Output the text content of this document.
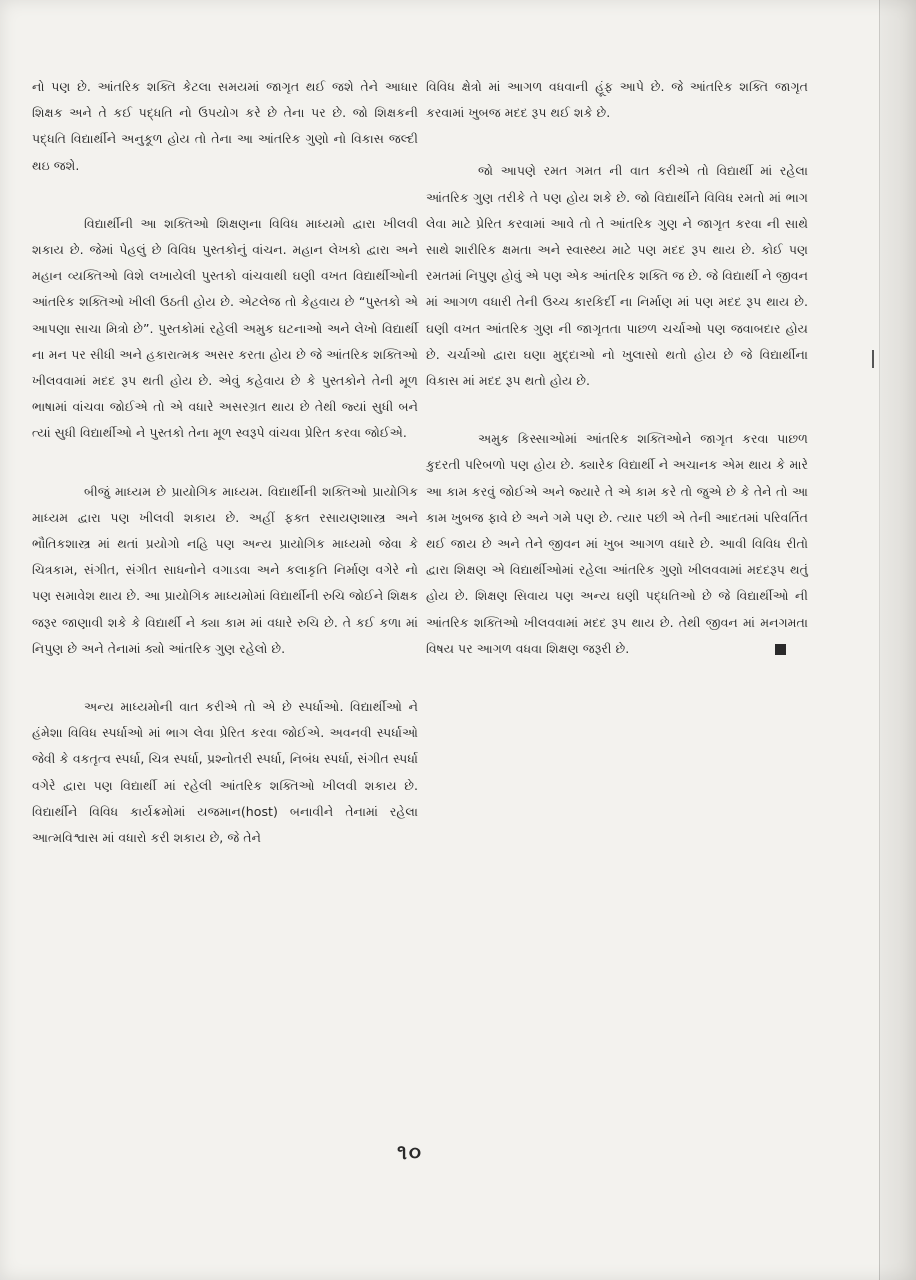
નો પણ છે. આંતરિક શક્તિ કેટલા સમયમાં જાગૃત થઈ જશે તેને આધાર શિક્ષક અને તે કઈ પદ્ધતિ નો ઉપયોગ કરે છે તેના પર છે. જો શિક્ષકની પદ્ધતિ વિદ્યાર્થીને અનુકૂળ હોય તો તેના આ આંતરિક ગુણો નો વિકાસ જલ્દી થઇ જશે.

વિદ્યાર્થીની આ શક્તિઓ શિક્ષણના વિવિધ માધ્યમો દ્વારા ખીલવી શકાય છે. જેમાં પેહલું છે વિવિધ પુસ્તકોનું વાંચન. મહાન લેખકો દ્વારા અને મહાન વ્યક્તિઓ વિશે લખાયેલી પુસ્તકો વાંચવાથી ઘણી વખત વિદ્યાર્થીઓની આંતરિક શક્તિઓ ખીલી ઉઠતી હોય છે. એટલેજ તો કેહવાય છે “પુસ્તકો એ આપણા સાચા મિત્રો છે”. પુસ્તકોમાં રહેલી અમુક ઘટનાઓ અને લેખો વિદ્યાર્થી ના મન પર સીધી અને હકારાત્મક અસર કરતા હોય છે જે આંતરિક શક્તિઓ ખીલવવામાં મદદ રૂપ થતી હોય છે. એવું કહેવાય છે કે પુસ્તકોને તેની મૂળ ભાષામાં વાંચવા જોઈએ તો એ વધારે અસરગ્રત થાય છે તેથી જ્યાં સુધી બને ત્યાં સુધી વિદ્યાર્થીઓ ને પુસ્તકો તેના મૂળ સ્વરૂપે વાંચવા પ્રેરિત કરવા જોઈએ.

બીજું માધ્યમ છે પ્રાયોગિક માધ્યમ. વિદ્યાર્થીની શક્તિઓ પ્રાયોગિક માધ્યમ દ્વારા પણ ખીલવી શકાય છે. અહીં ફક્ત રસાયણશાસ્ત્ર અને ભૌતિકશાસ્ત્ર માં થતાં પ્રયોગો નહિ પણ અન્ય પ્રાયોગિક માધ્યમો જેવા કે ચિત્રકામ, સંગીત, સંગીત સાધનોને વગાડવા અને કલાકૃતિ નિર્માણ વગેરે નો પણ સમાવેશ થાય છે. આ પ્રાયોગિક માધ્યમોમાં વિદ્યાર્થીની રુચિ જોઈને શિક્ષક જરૂર જાણાવી શકે કે વિદ્યાર્થી ને ક્યા કામ માં વધારે રુચિ છે. તે કઈ કળા માં નિપુણ છે અને તેનામાં ક્યો આંતરિક ગુણ રહેલો છે.

અન્ય માધ્યમોની વાત કરીએ તો એ છે સ્પર્ધાઓ. વિદ્યાર્થીઓ ને હંમેશા વિવિધ સ્પર્ધાઓ માં ભાગ લેવા પ્રેરિત કરવા જોઈએ. અવનવી સ્પર્ધાઓ જેવી કે વકતૃત્વ સ્પર્ધા, ચિત્ર સ્પર્ધા, પ્રશ્નોતરી સ્પર્ધા, નિબંધ સ્પર્ધા, સંગીત સ્પર્ધા વગેરે દ્વારા પણ વિદ્યાર્થી માં રહેલી આંતરિક શક્તિઓ ખીલવી શકાય છે. વિદ્યાર્થીને વિવિધ કાર્યક્રમોમાં યજમાન(host) બનાવીને તેનામાં રહેલા આત્મવિશ્વાસ માં વધારો કરી શકાય છે, જે તેને

વિવિધ ક્ષેત્રો માં આગળ વધવાની હૂંફ આપે છે. જે આંતરિક શક્તિ જાગૃત કરવામાં ખુબજ મદદ રૂપ થઈ શકે છે.

જો આપણે રમત ગમત ની વાત કરીએ તો વિદ્યાર્થી માં રહેલા આંતરિક ગુણ તરીકે તે પણ હોય શકે છે. જો વિદ્યાર્થીને વિવિધ રમતો માં ભાગ લેવા માટે પ્રેરિત કરવામાં આવે તો તે આંતરિક ગુણ ને જાગૃત કરવા ની સાથે સાથે શારીરિક ક્ષમતા અને સ્વાસ્થ્ય માટે પણ મદદ રૂપ થાય છે. કોઈ પણ રમતમાં નિપુણ હોવું એ પણ એક આંતરિક શક્તિ જ છે. જે વિદ્યાર્થી ને જીવન માં આગળ વધારી તેની ઉચ્ચ કારકિર્દી ના નિર્માણ માં પણ મદદ રૂપ થાય છે. ઘણી વખત આંતરિક ગુણ ની જાગૃતતા પાછળ ચર્ચાઓ પણ જવાબદાર હોય છે. ચર્ચાઓ દ્વારા ઘણા મુદ્દાઓ નો ખુલાસો થતો હોય છે જે વિદ્યાર્થીના વિકાસ માં મદદ રૂપ થતો હોય છે.

અમુક કિસ્સાઓમાં આંતરિક શક્તિઓને જાગૃત કરવા પાછળ કુદરતી પરિબળો પણ હોય છે. ક્યારેક વિદ્યાર્થી ને અચાનક એમ થાય કે મારે આ કામ કરવું જોઈએ અને જ્યારે તે એ કામ કરે તો જુએ છે કે તેને તો આ કામ ખુબજ ફાવે છે અને ગમે પણ છે. ત્યાર પછી એ તેની આદતમાં પરિવર્તિત થઈ જાય છે અને તેને જીવન માં ખુબ આગળ વધારે છે. આવી વિવિધ રીતો દ્વારા શિક્ષણ એ વિદ્યાર્થીઓમાં રહેલા આંતરિક ગુણો ખીલવવામાં મદદરૂપ થતું હોય છે. શિક્ષણ સિવાય પણ અન્ય ઘણી પદ્ધતિઓ છે જે વિદ્યાર્થીઓ ની આંતરિક શક્તિઓ ખીલવવામાં મદદ રૂપ થાય છે. તેથી જીવન માં મનગમતા વિષય પર આગળ વધવા શિક્ષણ જરૂરી છે.

૧૦
